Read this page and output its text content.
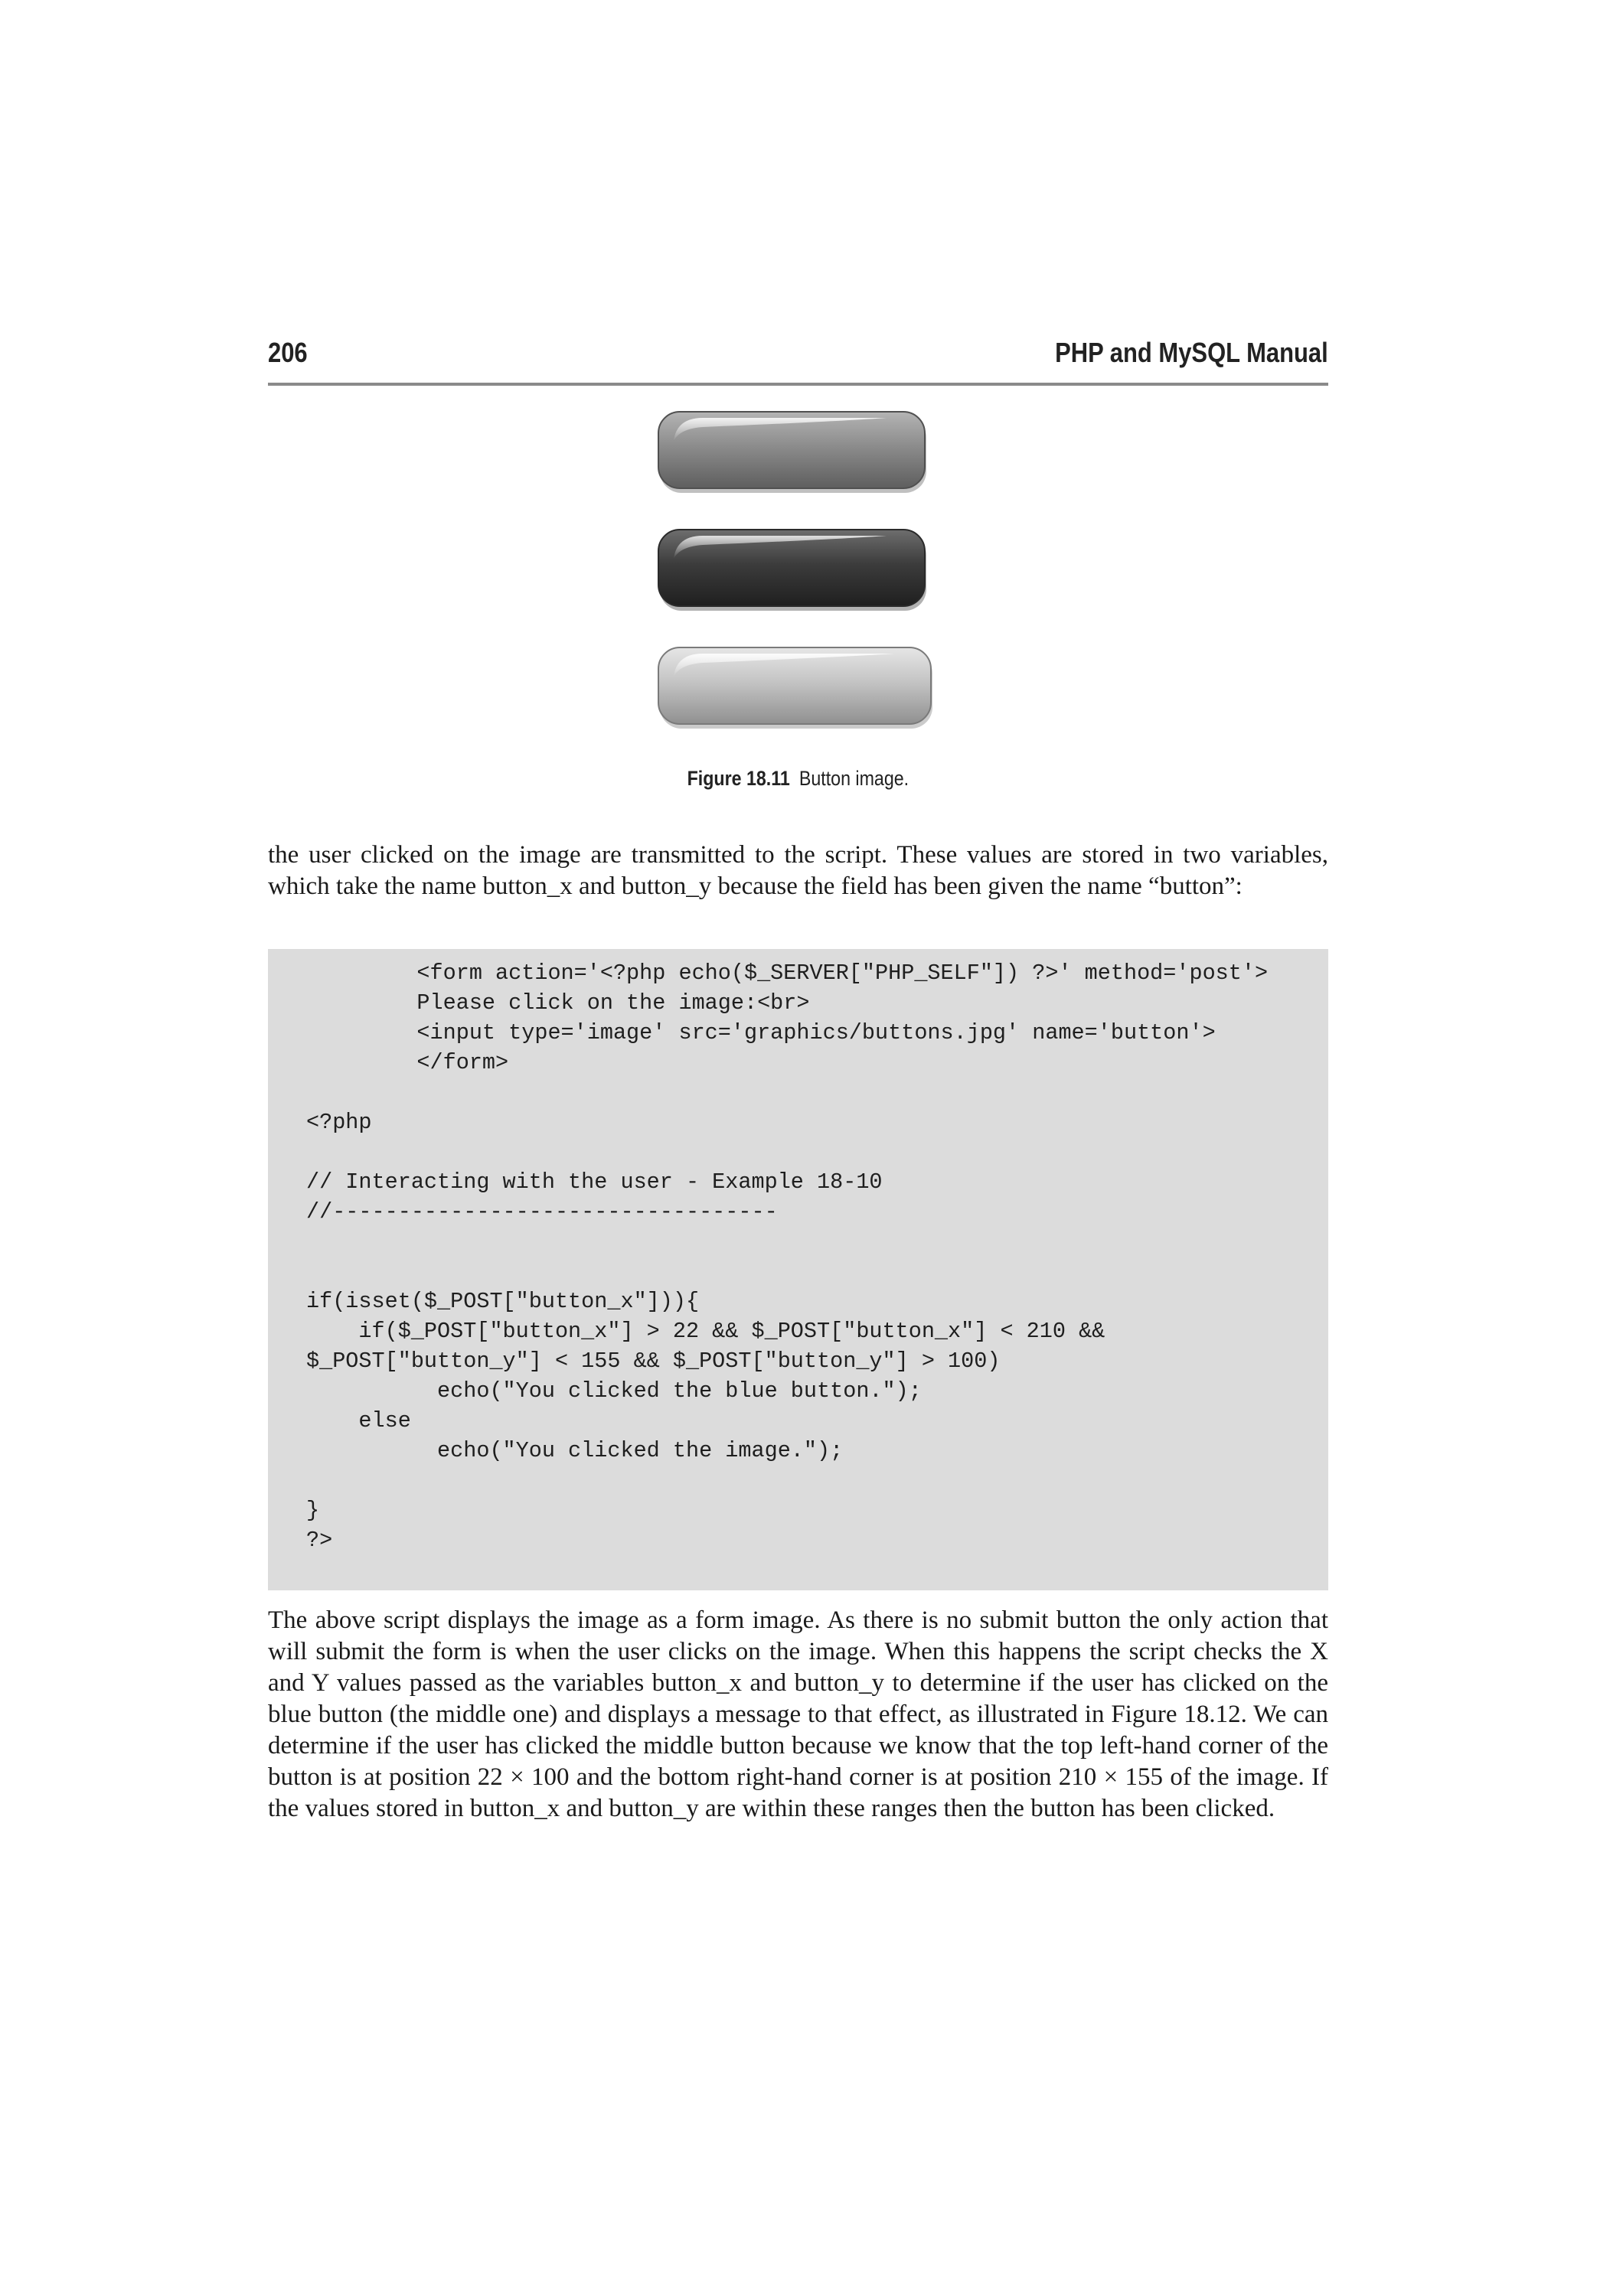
206	PHP and MySQL Manual
Figure 18.11 Button image.

the user clicked on the image are transmitted to the script. These values are stored in two variables, which take the name button_x and button_y because the field has been given the name “button”:

<form action='<?php echo($_SERVER["PHP_SELF"]) ?>' method='post'>
Please click on the image:<br>
<input type='image' src='graphics/buttons.jpg' name='button'>
</form>
<?php
// Interacting with the user - Example 18-10
//----------------------------------
if(isset($_POST["button_x"])){
if($_POST["button_x"] > 22 && $_POST["button_x"] < 210 &&
$_POST["button_y"] < 155 && $_POST["button_y"] > 100)
echo("You clicked the blue button.");
else
echo("You clicked the image.");
}
?>

The above script displays the image as a form image. As there is no submit button the only action that will submit the form is when the user clicks on the image. When this happens the script checks the X and Y values passed as the variables button_x and button_y to determine if the user has clicked on the blue button (the middle one) and displays a message to that effect, as illustrated in Figure 18.12. We can determine if the user has clicked the middle button because we know that the top left-hand corner of the button is at position 22 × 100 and the bottom right-hand corner is at position 210 × 155 of the image. If the values stored in button_x and button_y are within these ranges then the button has been clicked.
